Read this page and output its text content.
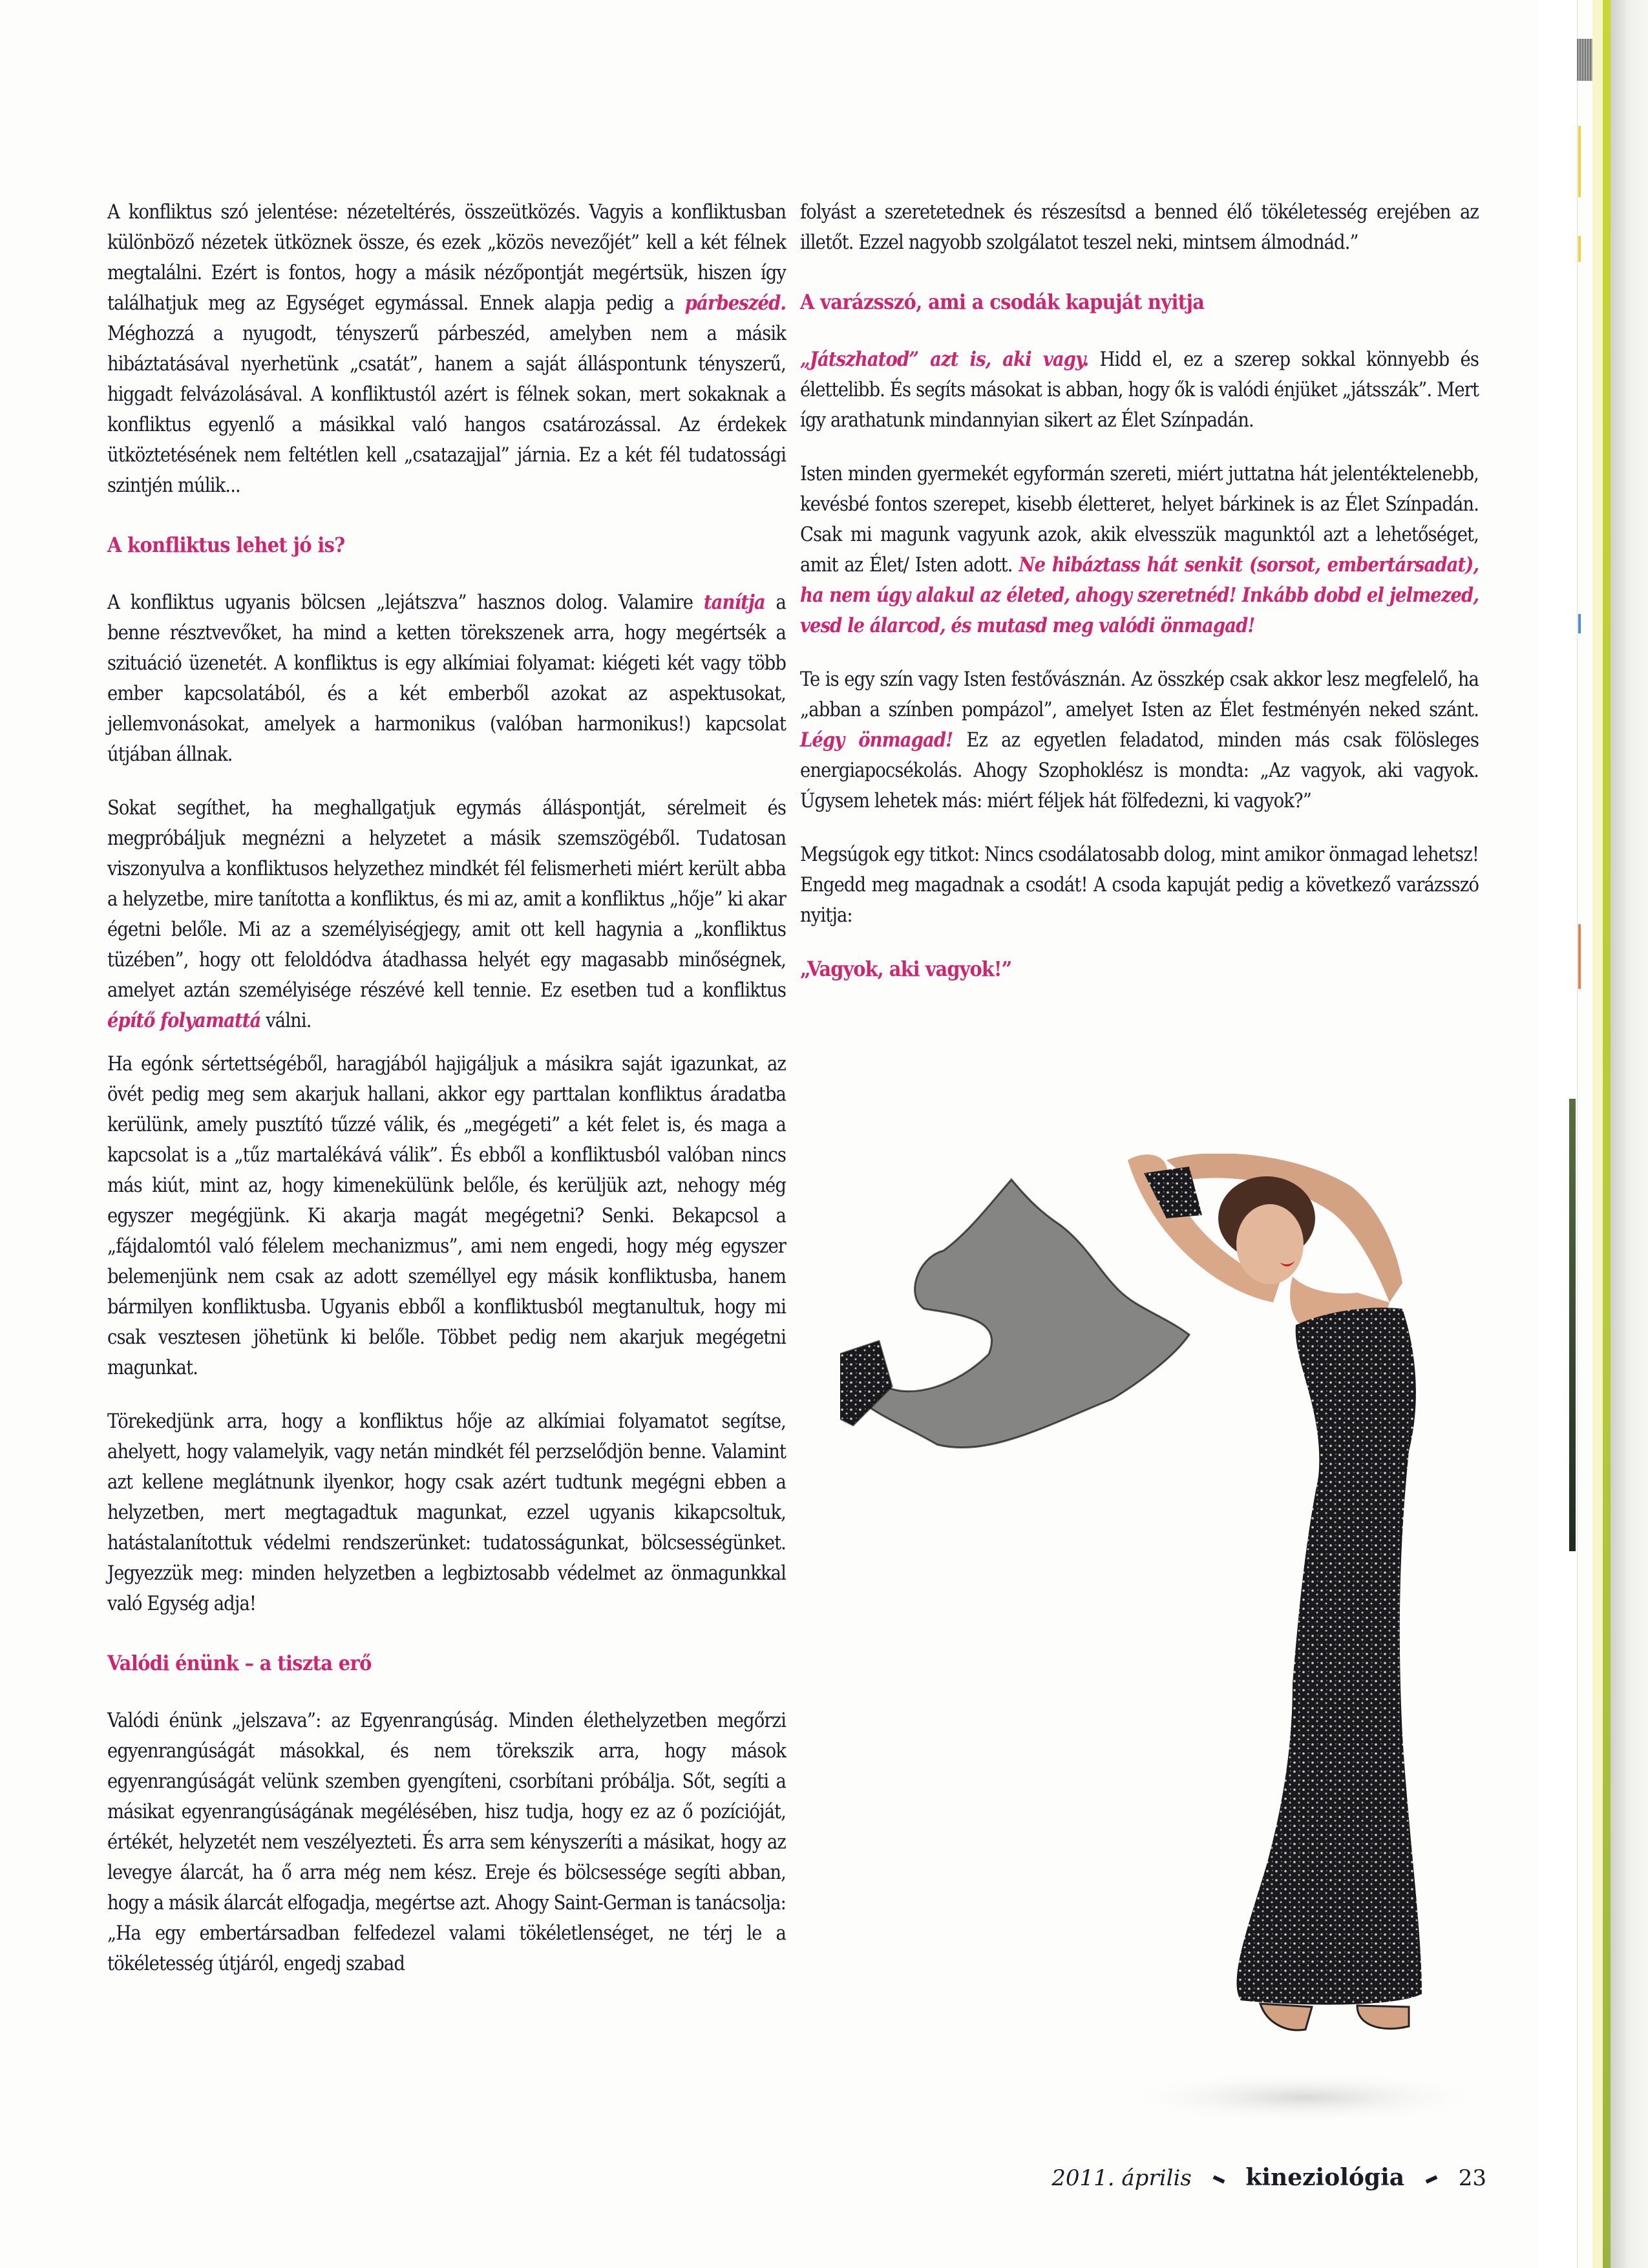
A konfliktus szó jelentése: nézeteltérés, összeütközés. Vagyis a konfliktusban különböző nézetek ütköznek össze, és ezek „közös nevezőjét” kell a két félnek megtalálni. Ezért is fontos, hogy a másik nézőpontját megértsük, hiszen így találhatjuk meg az Egységet egymással. Ennek alapja pedig a párbeszéd. Méghozzá a nyugodt, tényszerű párbeszéd, amelyben nem a másik hibáztatásával nyerhetünk „csatát”, hanem a saját álláspontunk tényszerű, higgadt felvázolásával. A konfliktustól azért is félnek sokan, mert sokaknak a konfliktus egyenlő a másikkal való hangos csatározással. Az érdekek ütköztetésének nem feltétlen kell „csatazajjal” járnia. Ez a két fél tudatossági szintjén múlik...

A konfliktus lehet jó is?

A konfliktus ugyanis bölcsen „lejátszva” hasznos dolog. Valamire tanítja a benne résztvevőket, ha mind a ketten törekszenek arra, hogy megértsék a szituáció üzenetét. A konfliktus is egy alkímiai folyamat: kiégeti két vagy több ember kapcsolatából, és a két emberből azokat az aspektusokat, jellemvonásokat, amelyek a harmonikus (valóban harmonikus!) kapcsolat útjában állnak.

Sokat segíthet, ha meghallgatjuk egymás álláspontját, sérelmeit és megpróbáljuk megnézni a helyzetet a másik szemszögéből. Tudatosan viszonyulva a konfliktusos helyzethez mindkét fél felismerheti miért került abba a helyzetbe, mire tanította a konfliktus, és mi az, amit a konfliktus „hője” ki akar égetni belőle. Mi az a személyiségjegy, amit ott kell hagynia a „konfliktus tüzében”, hogy ott feloldódva átadhassa helyét egy magasabb minőségnek, amelyet aztán személyisége részévé kell tennie. Ez esetben tud a konfliktus építő folyamattá válni.

Ha egónk sértettségéből, haragjából hajigáljuk a másikra saját igazunkat, az övét pedig meg sem akarjuk hallani, akkor egy parttalan konfliktus áradatba kerülünk, amely pusztító tűzzé válik, és „megégeti” a két felet is, és maga a kapcsolat is a „tűz martalékává válik”. És ebből a konfliktusból valóban nincs más kiút, mint az, hogy kimenekülünk belőle, és kerüljük azt, nehogy még egyszer megégjünk. Ki akarja magát megégetni? Senki. Bekapcsol a „fájdalomtól való félelem mechanizmus”, ami nem engedi, hogy még egyszer belemenjünk nem csak az adott személlyel egy másik konfliktusba, hanem bármilyen konfliktusba. Ugyanis ebből a konfliktusból megtanultuk, hogy mi csak vesztesen jöhetünk ki belőle. Többet pedig nem akarjuk megégetni magunkat.

Törekedjünk arra, hogy a konfliktus hője az alkímiai folyamatot segítse, ahelyett, hogy valamelyik, vagy netán mindkét fél perzselődjön benne. Valamint azt kellene meglátnunk ilyenkor, hogy csak azért tudtunk megégni ebben a helyzetben, mert megtagadtuk magunkat, ezzel ugyanis kikapcsoltuk, hatástalanítottuk védelmi rendszerünket: tudatosságunkat, bölcsességünket. Jegyezzük meg: minden helyzetben a legbiztosabb védelmet az önmagunkkal való Egység adja!

Valódi énünk – a tiszta erő

Valódi énünk „jelszava”: az Egyenrangúság. Minden élethelyzetben megőrzi egyenrangúságát másokkal, és nem törekszik arra, hogy mások egyenrangúságát velünk szemben gyengíteni, csorbítani próbálja. Sőt, segíti a másikat egyenrangúságának megélésében, hisz tudja, hogy ez az ő pozícióját, értékét, helyzetét nem veszélyezteti. És arra sem kényszeríti a másikat, hogy az levegye álarcát, ha ő arra még nem kész. Ereje és bölcsessége segíti abban, hogy a másik álarcát elfogadja, megértse azt. Ahogy Saint-German is tanácsolja: „Ha egy embertársadban felfedezel valami tökéletlenséget, ne térj le a tökéletesség útjáról, engedj szabad

folyást a szeretetednek és részesítsd a benned élő tökéletesség erejében az illetőt. Ezzel nagyobb szolgálatot teszel neki, mintsem álmodnád.”

A varázsszó, ami a csodák kapuját nyitja

„Játszhatod” azt is, aki vagy. Hidd el, ez a szerep sokkal könnyebb és élettelibb. És segíts másokat is abban, hogy ők is valódi énjüket „játsszák”. Mert így arathatunk mindannyian sikert az Élet Színpadán.

Isten minden gyermekét egyformán szereti, miért juttatna hát jelentéktelenebb, kevésbé fontos szerepet, kisebb életteret, helyet bárkinek is az Élet Színpadán. Csak mi magunk vagyunk azok, akik elvesszük magunktól azt a lehetőséget, amit az Élet/ Isten adott. Ne hibáztass hát senkit (sorsot, embertársadat), ha nem úgy alakul az életed, ahogy szeretnéd! Inkább dobd el jelmezed, vesd le álarcod, és mutasd meg valódi önmagad!

Te is egy szín vagy Isten festővásznán. Az összkép csak akkor lesz megfelelő, ha „abban a színben pompázol”, amelyet Isten az Élet festményén neked szánt. Légy önmagad! Ez az egyetlen feladatod, minden más csak fölösleges energiapocsékolás. Ahogy Szophoklész is mondta: „Az vagyok, aki vagyok. Úgysem lehetek más: miért féljek hát fölfedezni, ki vagyok?”

Megsúgok egy titkot: Nincs csodálatosabb dolog, mint amikor önmagad lehetsz! Engedd meg magadnak a csodát! A csoda kapuját pedig a következő varázsszó nyitja:

„Vagyok, aki vagyok!”

2011. április kineziológia 23
